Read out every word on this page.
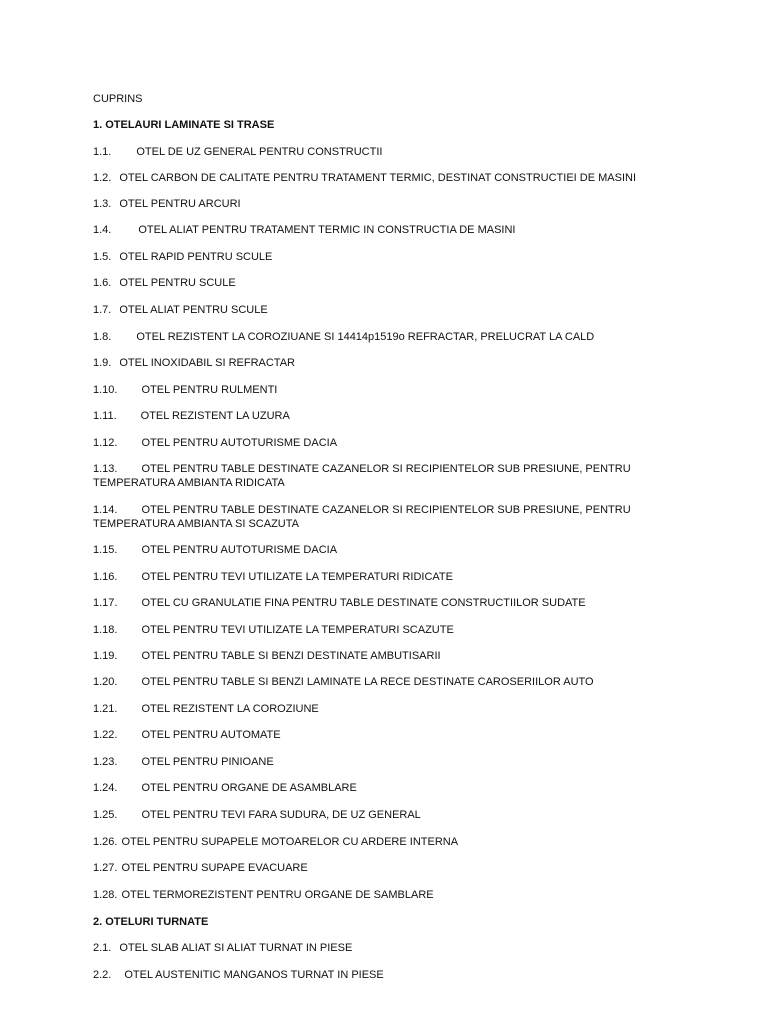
CUPRINS
1. OTELAURI LAMINATE SI TRASE
1.1. OTEL DE UZ GENERAL PENTRU CONSTRUCTII
1.2. OTEL CARBON DE CALITATE PENTRU TRATAMENT TERMIC, DESTINAT CONSTRUCTIEI DE MASINI
1.3. OTEL PENTRU ARCURI
1.4. OTEL ALIAT PENTRU TRATAMENT TERMIC IN CONSTRUCTIA DE MASINI
1.5. OTEL RAPID PENTRU SCULE
1.6. OTEL PENTRU SCULE
1.7. OTEL ALIAT PENTRU SCULE
1.8. OTEL REZISTENT LA COROZIUANE SI 14414p1519o REFRACTAR, PRELUCRAT LA CALD
1.9. OTEL INOXIDABIL SI REFRACTAR
1.10. OTEL PENTRU RULMENTI
1.11. OTEL REZISTENT LA UZURA
1.12. OTEL PENTRU AUTOTURISME DACIA
1.13. OTEL PENTRU TABLE DESTINATE CAZANELOR SI RECIPIENTELOR SUB PRESIUNE, PENTRU
TEMPERATURA AMBIANTA RIDICATA
1.14. OTEL PENTRU TABLE DESTINATE CAZANELOR SI RECIPIENTELOR SUB PRESIUNE, PENTRU
TEMPERATURA AMBIANTA SI SCAZUTA
1.15. OTEL PENTRU AUTOTURISME DACIA
1.16. OTEL PENTRU TEVI UTILIZATE LA TEMPERATURI RIDICATE
1.17. OTEL CU GRANULATIE FINA PENTRU TABLE DESTINATE CONSTRUCTIILOR SUDATE
1.18. OTEL PENTRU TEVI UTILIZATE LA TEMPERATURI SCAZUTE
1.19. OTEL PENTRU TABLE SI BENZI DESTINATE AMBUTISARII
1.20. OTEL PENTRU TABLE SI BENZI LAMINATE LA RECE DESTINATE CAROSERIILOR AUTO
1.21. OTEL REZISTENT LA COROZIUNE
1.22. OTEL PENTRU AUTOMATE
1.23. OTEL PENTRU PINIOANE
1.24. OTEL PENTRU ORGANE DE ASAMBLARE
1.25. OTEL PENTRU TEVI FARA SUDURA, DE UZ GENERAL
1.26. OTEL PENTRU SUPAPELE MOTOARELOR CU ARDERE INTERNA
1.27. OTEL PENTRU SUPAPE EVACUARE
1.28. OTEL TERMOREZISTENT PENTRU ORGANE DE SAMBLARE
2. OTELURI TURNATE
2.1. OTEL SLAB ALIAT SI ALIAT TURNAT IN PIESE
2.2. OTEL AUSTENITIC MANGANOS TURNAT IN PIESE
